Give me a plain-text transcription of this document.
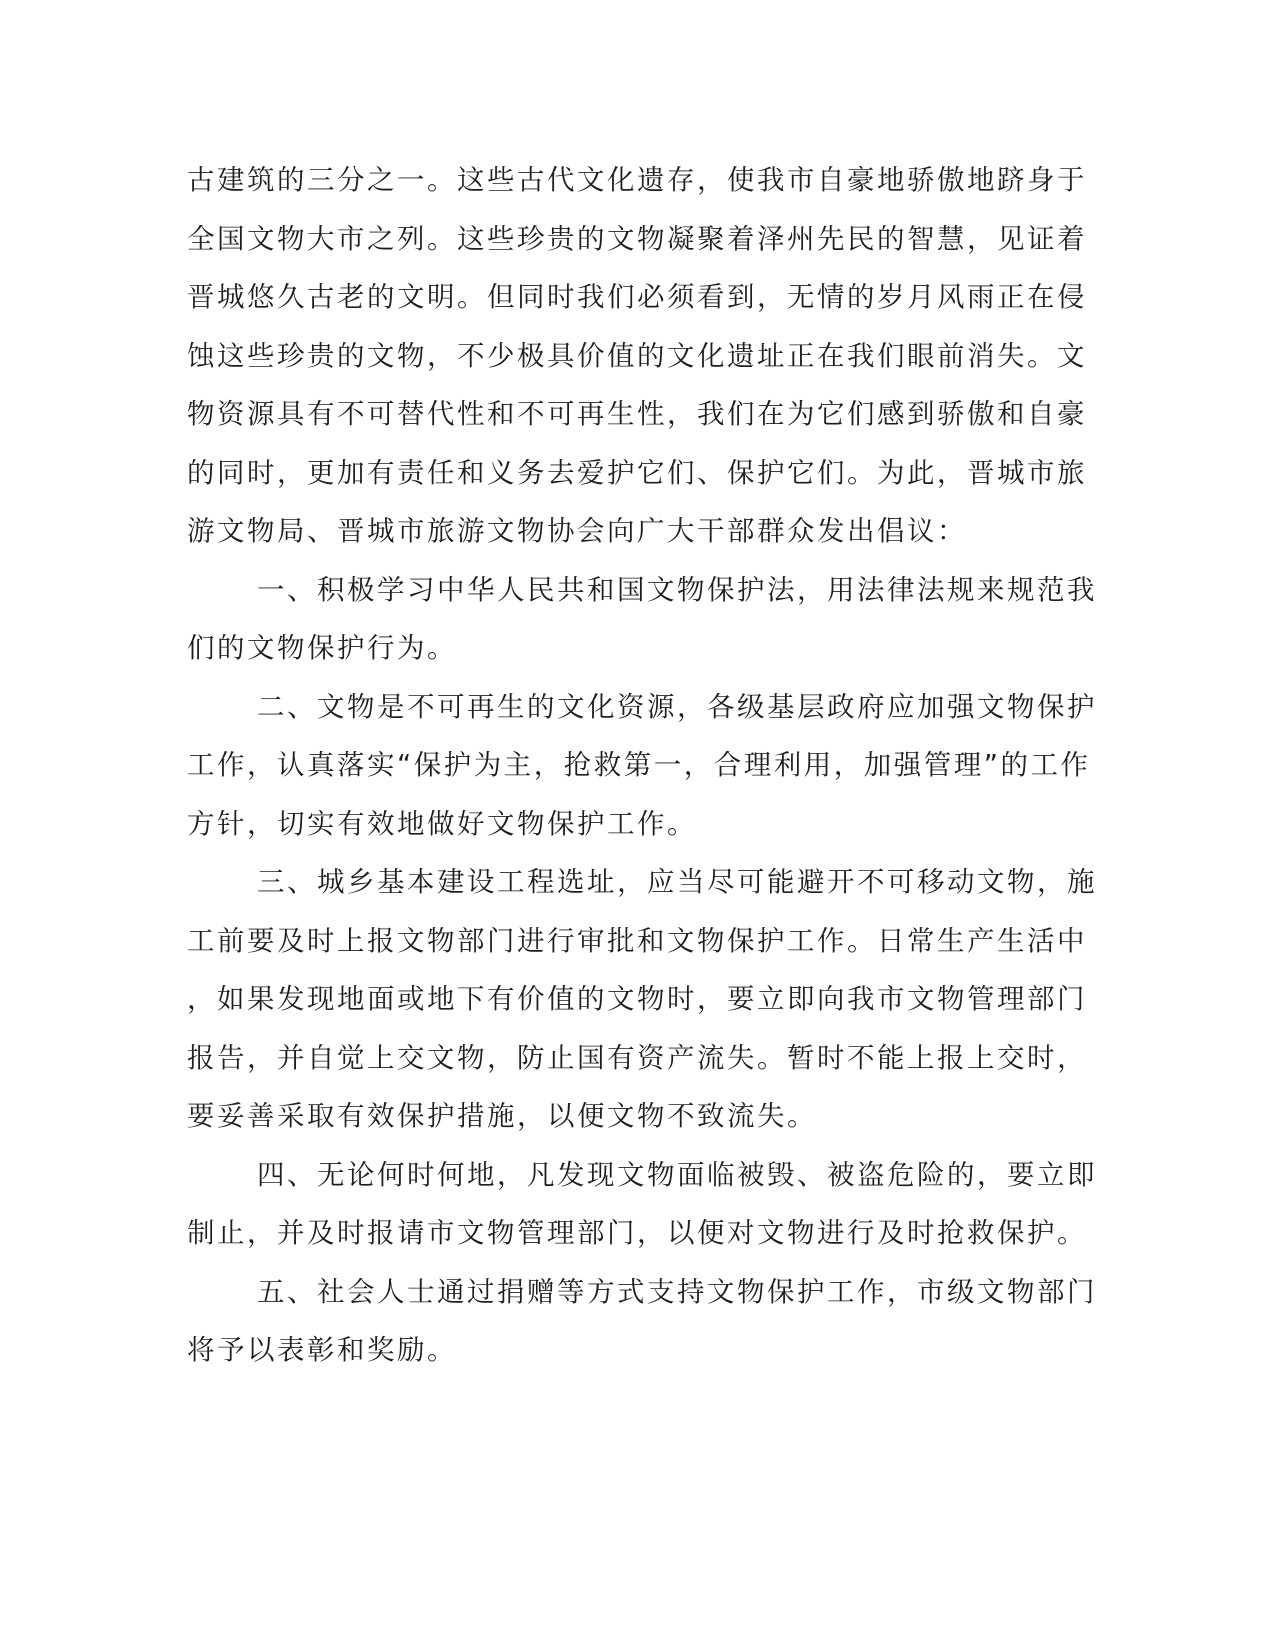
古建筑的三分之一。这些古代文化遗存，使我市自豪地骄傲地跻身于
全国文物大市之列。这些珍贵的文物凝聚着泽州先民的智慧，见证着
晋城悠久古老的文明。但同时我们必须看到，无情的岁月风雨正在侵
蚀这些珍贵的文物，不少极具价值的文化遗址正在我们眼前消失。文
物资源具有不可替代性和不可再生性，我们在为它们感到骄傲和自豪
的同时，更加有责任和义务去爱护它们、保护它们。为此，晋城市旅
游文物局、晋城市旅游文物协会向广大干部群众发出倡议：
一、积极学习中华人民共和国文物保护法，用法律法规来规范我
们的文物保护行为。
二、文物是不可再生的文化资源，各级基层政府应加强文物保护
工作，认真落实“保护为主，抢救第一，合理利用，加强管理”的工作
方针，切实有效地做好文物保护工作。
三、城乡基本建设工程选址，应当尽可能避开不可移动文物，施
工前要及时上报文物部门进行审批和文物保护工作。日常生产生活中
，如果发现地面或地下有价值的文物时，要立即向我市文物管理部门
报告，并自觉上交文物，防止国有资产流失。暂时不能上报上交时，
要妥善采取有效保护措施，以便文物不致流失。
四、无论何时何地，凡发现文物面临被毁、被盗危险的，要立即
制止，并及时报请市文物管理部门，以便对文物进行及时抢救保护。
五、社会人士通过捐赠等方式支持文物保护工作，市级文物部门
将予以表彰和奖励。
